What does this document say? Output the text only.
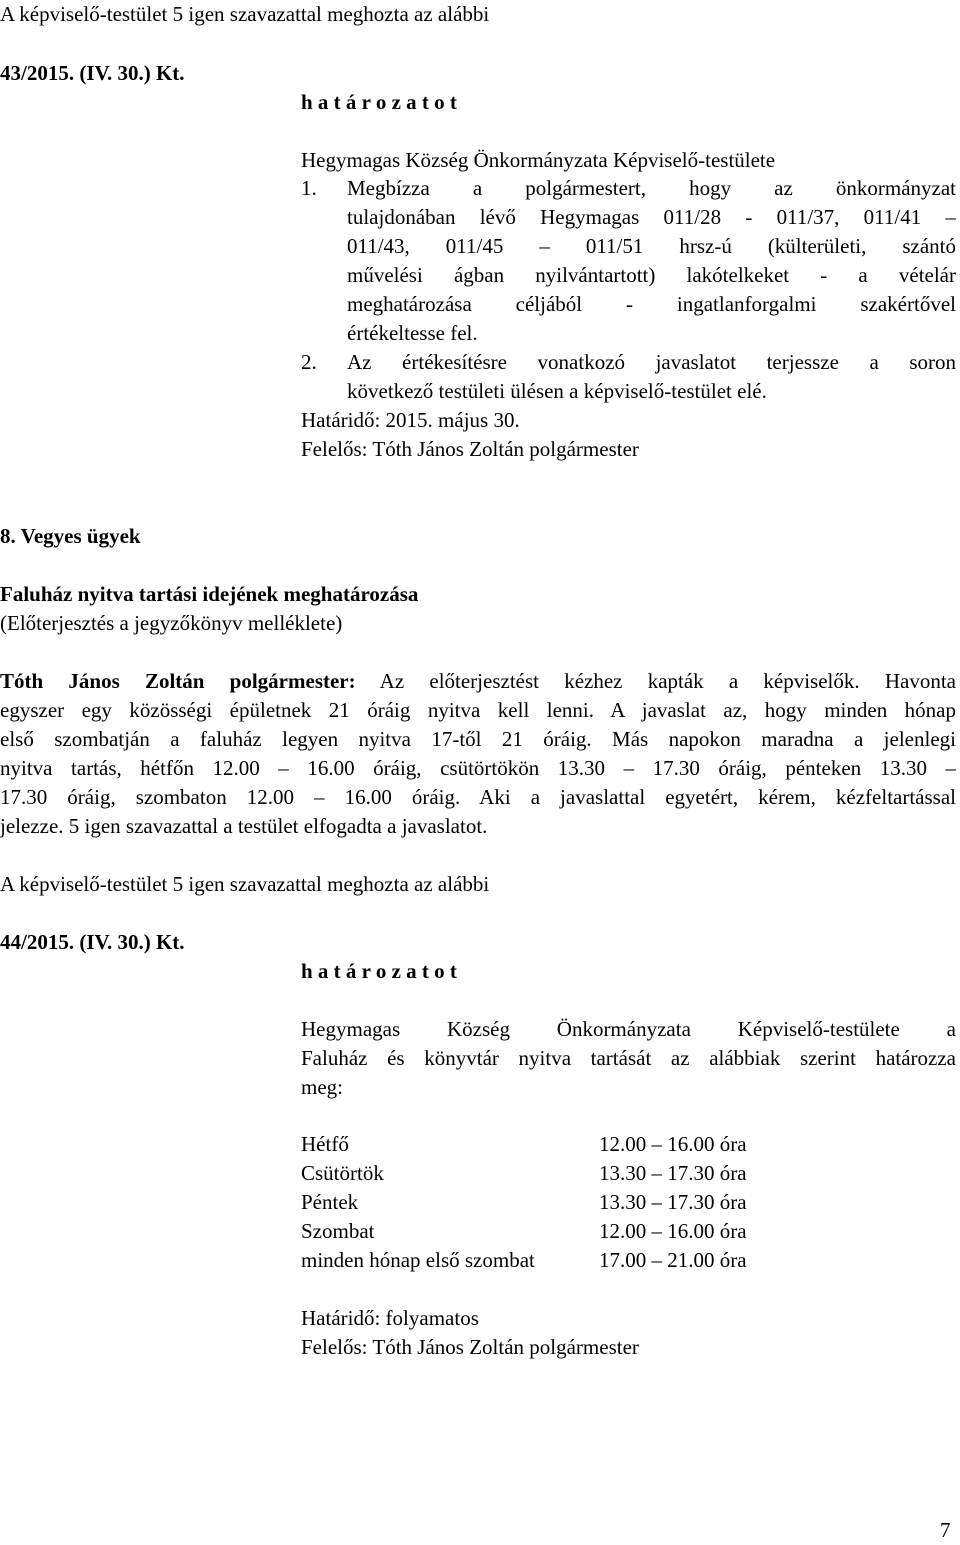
A képviselő-testület 5 igen szavazattal meghozta az alábbi
43/2015. (IV. 30.) Kt.
h a t á r o z a t o t
Hegymagas Község Önkormányzata Képviselő-testülete
1. Megbízza a polgármestert, hogy az önkormányzat
tulajdonában lévő Hegymagas 011/28 - 011/37, 011/41 –
011/43, 011/45 – 011/51 hrsz-ú (külterületi, szántó
művelési ágban nyilvántartott) lakótelkeket - a vételár
meghatározása céljából - ingatlanforgalmi szakértővel
értékeltesse fel.
2. Az értékesítésre vonatkozó javaslatot terjessze a soron
következő testületi ülésen a képviselő-testület elé.
Határidő: 2015. május 30.
Felelős: Tóth János Zoltán polgármester
8. Vegyes ügyek
Faluház nyitva tartási idejének meghatározása
(Előterjesztés a jegyzőkönyv melléklete)
Tóth János Zoltán polgármester: Az előterjesztést kézhez kapták a képviselők. Havonta
egyszer egy közösségi épületnek 21 óráig nyitva kell lenni. A javaslat az, hogy minden hónap
első szombatján a faluház legyen nyitva 17-től 21 óráig. Más napokon maradna a jelenlegi
nyitva tartás, hétfőn 12.00 – 16.00 óráig, csütörtökön 13.30 – 17.30 óráig, pénteken 13.30 –
17.30 óráig, szombaton 12.00 – 16.00 óráig. Aki a javaslattal egyetért, kérem, kézfeltartással
jelezze. 5 igen szavazattal a testület elfogadta a javaslatot.
A képviselő-testület 5 igen szavazattal meghozta az alábbi
44/2015. (IV. 30.) Kt.
h a t á r o z a t o t
Hegymagas Község Önkormányzata Képviselő-testülete a
Faluház és könyvtár nyitva tartását az alábbiak szerint határozza
meg:
Hétfő	12.00 – 16.00 óra
Csütörtök	13.30 – 17.30 óra
Péntek	13.30 – 17.30 óra
Szombat	12.00 – 16.00 óra
minden hónap első szombat	17.00 – 21.00 óra
Határidő: folyamatos
Felelős: Tóth János Zoltán polgármester
7
